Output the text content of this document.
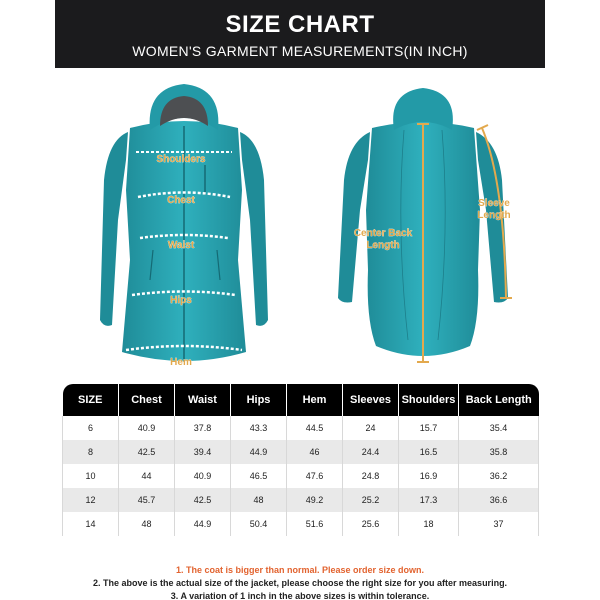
SIZE CHART
WOMEN'S GARMENT MEASUREMENTS(IN INCH)
Shoulders
Chest
Waist
Hips
Hem
Center Back
Length
Sleeve
Length
SIZE	Chest	Waist	Hips	Hem	Sleeves	Shoulders	Back Length
6	40.9	37.8	43.3	44.5	24	15.7	35.4
8	42.5	39.4	44.9	46	24.4	16.5	35.8
10	44	40.9	46.5	47.6	24.8	16.9	36.2
12	45.7	42.5	48	49.2	25.2	17.3	36.6
14	48	44.9	50.4	51.6	25.6	18	37
1. The coat is bigger than normal. Please order size down.
2. The above is the actual size of the jacket, please choose the right size for you after measuring.
3. A variation of 1 inch in the above sizes is within tolerance.
